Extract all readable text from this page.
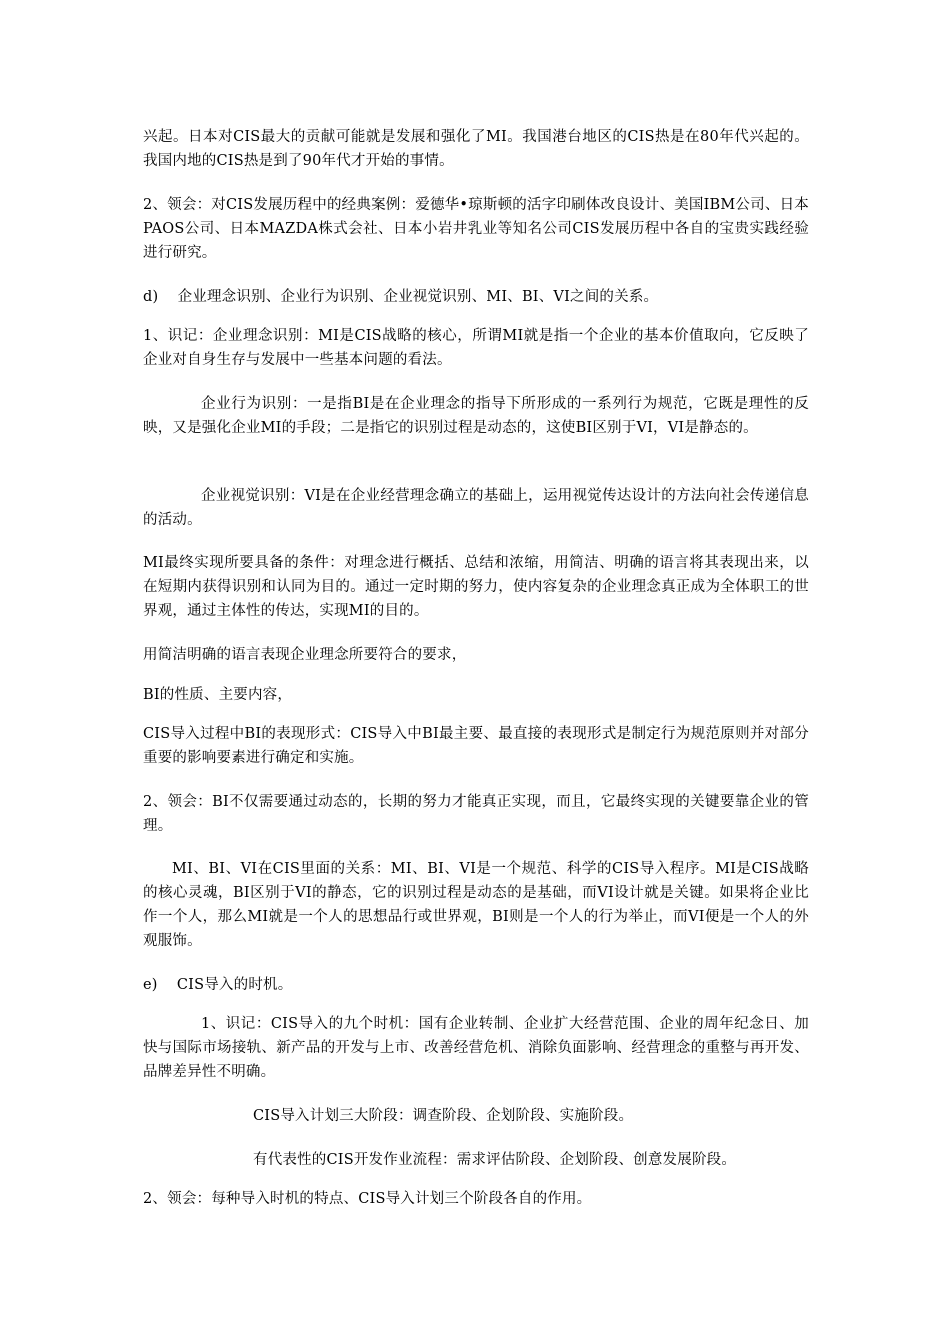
兴起。日本对CIS最大的贡献可能就是发展和强化了MI。我国港台地区的CIS热是在80年代兴起的。我国内地的CIS热是到了90年代才开始的事情。

2、领会：对CIS发展历程中的经典案例：爱德华•琼斯顿的活字印刷体改良设计、美国IBM公司、日本PAOS公司、日本MAZDA株式会社、日本小岩井乳业等知名公司CIS发展历程中各自的宝贵实践经验进行研究。

d)    企业理念识别、企业行为识别、企业视觉识别、MI、BI、VI之间的关系。

1、识记：企业理念识别：MI是CIS战略的核心，所谓MI就是指一个企业的基本价值取向，它反映了企业对自身生存与发展中一些基本问题的看法。

企业行为识别：一是指BI是在企业理念的指导下所形成的一系列行为规范，它既是理性的反映，又是强化企业MI的手段；二是指它的识别过程是动态的，这使BI区别于VI，VI是静态的。

企业视觉识别：VI是在企业经营理念确立的基础上，运用视觉传达设计的方法向社会传递信息的活动。

MI最终实现所要具备的条件：对理念进行概括、总结和浓缩，用简洁、明确的语言将其表现出来，以在短期内获得识别和认同为目的。通过一定时期的努力，使内容复杂的企业理念真正成为全体职工的世界观，通过主体性的传达，实现MI的目的。

用简洁明确的语言表现企业理念所要符合的要求，

BI的性质、主要内容，

CIS导入过程中BI的表现形式：CIS导入中BI最主要、最直接的表现形式是制定行为规范原则并对部分重要的影响要素进行确定和实施。

2、领会：BI不仅需要通过动态的，长期的努力才能真正实现，而且，它最终实现的关键要靠企业的管理。

MI、BI、VI在CIS里面的关系：MI、BI、VI是一个规范、科学的CIS导入程序。MI是CIS战略的核心灵魂，BI区别于VI的静态，它的识别过程是动态的是基础，而VI设计就是关键。如果将企业比作一个人，那么MI就是一个人的思想品行或世界观，BI则是一个人的行为举止，而VI便是一个人的外观服饰。

e)    CIS导入的时机。

1、识记：CIS导入的九个时机：国有企业转制、企业扩大经营范围、企业的周年纪念日、加快与国际市场接轨、新产品的开发与上市、改善经营危机、消除负面影响、经营理念的重整与再开发、品牌差异性不明确。

CIS导入计划三大阶段：调查阶段、企划阶段、实施阶段。

有代表性的CIS开发作业流程：需求评估阶段、企划阶段、创意发展阶段。

2、领会：每种导入时机的特点、CIS导入计划三个阶段各自的作用。
